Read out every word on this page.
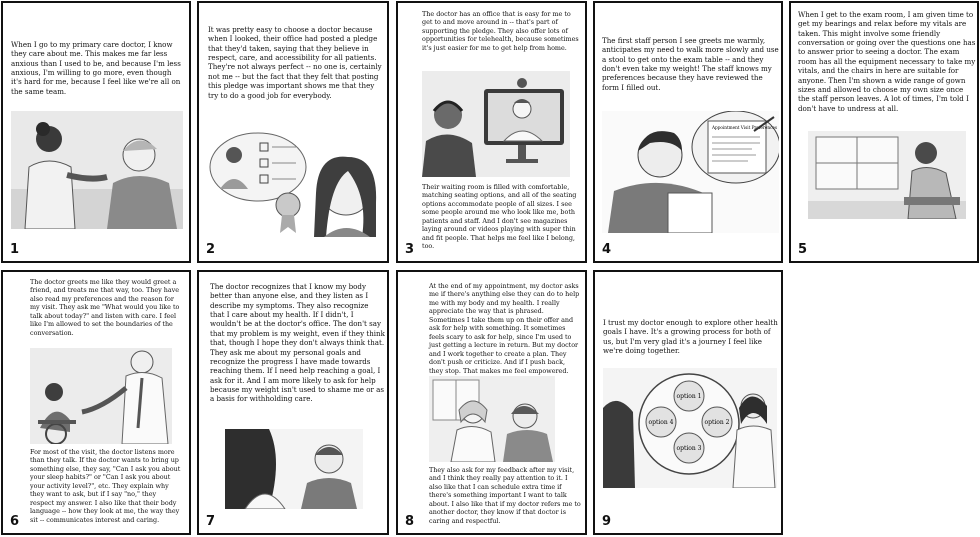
When I go to my primary care doctor, I know they care about me. This makes me far less anxious than I used to be, and because I'm less anxious, I'm willing to go more, even though it's hard for me, because I feel like we're all on the same team.
1
It was pretty easy to choose a doctor because when I looked, their office had posted a pledge that they'd taken, saying that they believe in respect, care, and accessibility for all patients. They're not always perfect -- no one is, certainly not me -- but the fact that they felt that posting this pledge was important shows me that they try to do a good job for everybody.
2
The doctor has an office that is easy for me to get to and move around in -- that's part of supporting the pledge. They also offer lots of opportunities for telehealth, because sometimes it's just easier for me to get help from home.
Their waiting room is filled with comfortable, matching seating options, and all of the seating options accommodate people of all sizes. I see some people around me who look like me, both patients and staff. And I don't see magazines laying around or videos playing with super thin and fit people. That helps me feel like I belong, too.
3
The first staff person I see greets me warmly, anticipates my need to walk more slowly and use a stool to get onto the exam table -- and they don't even take my weight! The staff knows my preferences because they have reviewed the form I filled out.
Appointment Visit Preferences
4
When I get to the exam room, I am given time to get my bearings and relax before my vitals are taken. This might involve some friendly conversation or going over the questions one has to answer prior to seeing a doctor. The exam room has all the equipment necessary to take my vitals, and the chairs in here are suitable for anyone. Then I'm shown a wide range of gown sizes and allowed to choose my own size once the staff person leaves. A lot of times, I'm told I don't have to undress at all.
5
The doctor greets me like they would greet a friend, and treats me that way, too. They have also read my preferences and the reason for my visit. They ask me "What would you like to talk about today?" and listen with care. I feel like I'm allowed to set the boundaries of the conversation.
For most of the visit, the doctor listens more than they talk. If the doctor wants to bring up something else, they say, "Can I ask you about your sleep habits?" or "Can I ask you about your activity level?", etc. They explain why they want to ask, but if I say "no," they respect my answer. I also like that their body language -- how they look at me, the way they sit -- communicates interest and caring.
6
The doctor recognizes that I know my body better than anyone else, and they listen as I describe my symptoms. They also recognize that I care about my health. If I didn't, I wouldn't be at the doctor's office. The don't say that my problem is my weight, even if they think that, though I hope they don't always think that. They ask me about my personal goals and recognize the progress I have made towards reaching them. If I need help reaching a goal, I ask for it. And I am more likely to ask for help because my weight isn't used to shame me or as a basis for withholding care.
7
At the end of my appointment, my doctor asks me if there's anything else they can do to help me with my body and my health. I really appreciate the way that is phrased. Sometimes I take them up on their offer and ask for help with something. It sometimes feels scary to ask for help, since I'm used to just getting a lecture in return. But my doctor and I work together to create a plan. They don't push or criticize. And if I push back, they stop. That makes me feel empowered.
They also ask for my feedback after my visit, and I think they really pay attention to it. I also like that I can schedule extra time if there's something important I want to talk about. I also like that if my doctor refers me to another doctor, they know if that doctor is caring and respectful.
8
I trust my doctor enough to explore other health goals I have. It's a growing process for both of us, but I'm very glad it's a journey I feel like we're doing together.
option 1
option 2
option 3
option 4
9
